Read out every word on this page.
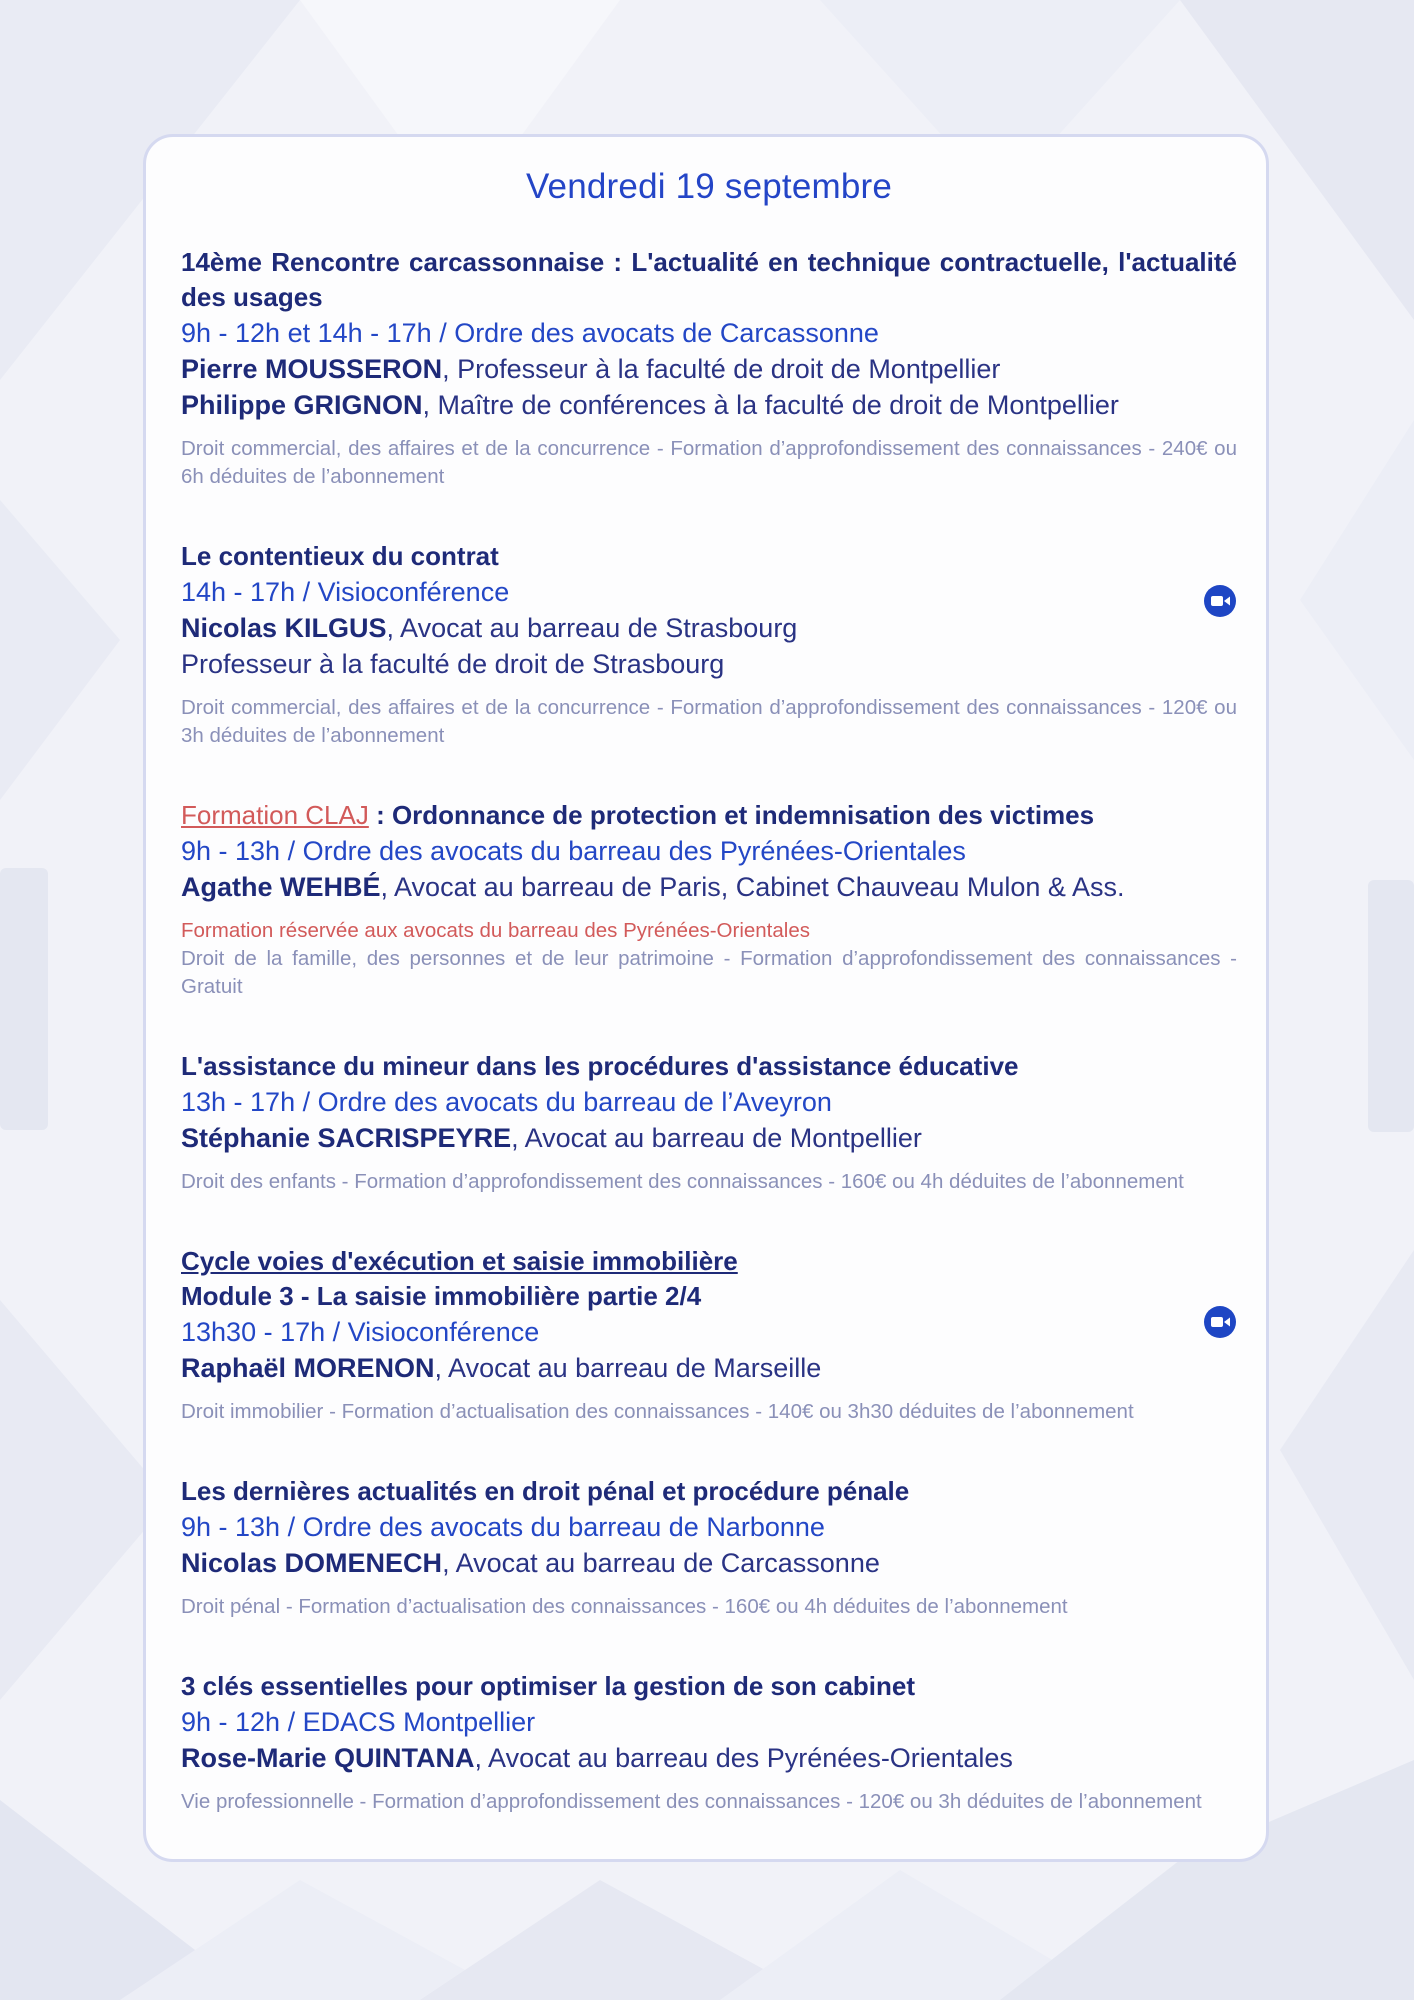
Vendredi 19 septembre
14ème Rencontre carcassonnaise : L'actualité en technique contractuelle, l'actualité des usages
9h - 12h et 14h - 17h / Ordre des avocats de Carcassonne
Pierre MOUSSERON, Professeur à la faculté de droit de Montpellier
Philippe GRIGNON, Maître de conférences à la faculté de droit de Montpellier
Droit commercial, des affaires et de la concurrence - Formation d’approfondissement des connaissances - 240€ ou 6h déduites de l’abonnement
Le contentieux du contrat
14h - 17h / Visioconférence
Nicolas KILGUS, Avocat au barreau de Strasbourg
Professeur à la faculté de droit de Strasbourg
Droit commercial, des affaires et de la concurrence - Formation d’approfondissement des connaissances - 120€ ou 3h déduites de l’abonnement
Formation CLAJ : Ordonnance de protection et indemnisation des victimes
9h - 13h / Ordre des avocats du barreau des Pyrénées-Orientales
Agathe WEHBÉ, Avocat au barreau de Paris, Cabinet Chauveau Mulon & Ass.
Formation réservée aux avocats du barreau des Pyrénées-Orientales
Droit de la famille, des personnes et de leur patrimoine - Formation d’approfondissement des connaissances - Gratuit
L'assistance du mineur dans les procédures d'assistance éducative
13h - 17h / Ordre des avocats du barreau de l’Aveyron
Stéphanie SACRISPEYRE, Avocat au barreau de Montpellier
Droit des enfants - Formation d’approfondissement des connaissances - 160€ ou 4h déduites de l’abonnement
Cycle voies d'exécution et saisie immobilière
Module 3 - La saisie immobilière partie 2/4
13h30 - 17h / Visioconférence
Raphaël MORENON, Avocat au barreau de Marseille
Droit immobilier - Formation d’actualisation des connaissances - 140€ ou 3h30 déduites de l’abonnement
Les dernières actualités en droit pénal et procédure pénale
9h - 13h / Ordre des avocats du barreau de Narbonne
Nicolas DOMENECH, Avocat au barreau de Carcassonne
Droit pénal - Formation d’actualisation des connaissances - 160€ ou 4h déduites de l’abonnement
3 clés essentielles pour optimiser la gestion de son cabinet
9h - 12h / EDACS Montpellier
Rose-Marie QUINTANA, Avocat au barreau des Pyrénées-Orientales
Vie professionnelle - Formation d’approfondissement des connaissances - 120€ ou 3h déduites de l’abonnement
